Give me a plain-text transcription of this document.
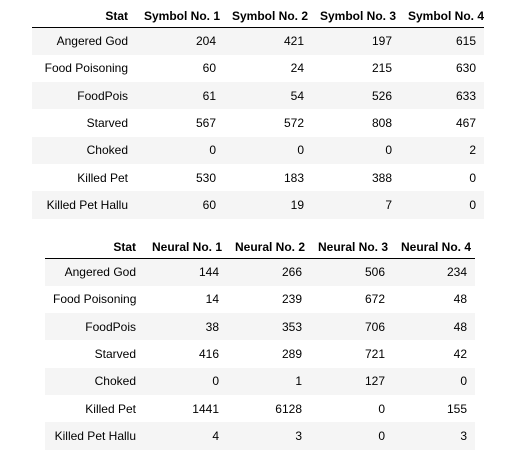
Stat	Symbol No. 1	Symbol No. 2	Symbol No. 3	Symbol No. 4
Angered God	204	421	197	615
Food Poisoning	60	24	215	630
FoodPois	61	54	526	633
Starved	567	572	808	467
Choked	0	0	0	2
Killed Pet	530	183	388	0
Killed Pet Hallu	60	19	7	0
Stat	Neural No. 1	Neural No. 2	Neural No. 3	Neural No. 4
Angered God	144	266	506	234
Food Poisoning	14	239	672	48
FoodPois	38	353	706	48
Starved	416	289	721	42
Choked	0	1	127	0
Killed Pet	1441	6128	0	155
Killed Pet Hallu	4	3	0	3
